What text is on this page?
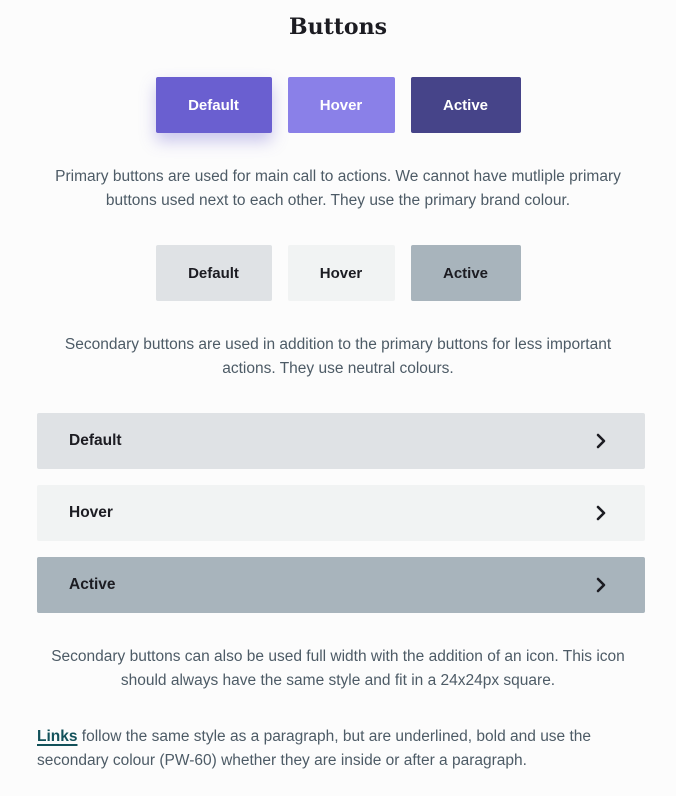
Buttons
Default	Hover	Active

Primary buttons are used for main call to actions. We cannot have mutliple primary buttons used next to each other. They use the primary brand colour.

Default	Hover	Active

Secondary buttons are used in addition to the primary buttons for less important actions. They use neutral colours.

Default
Hover
Active

Secondary buttons can also be used full width with the addition of an icon. This icon should always have the same style and fit in a 24x24px square.

Links follow the same style as a paragraph, but are underlined, bold and use the secondary colour (PW-60) whether they are inside or after a paragraph.
